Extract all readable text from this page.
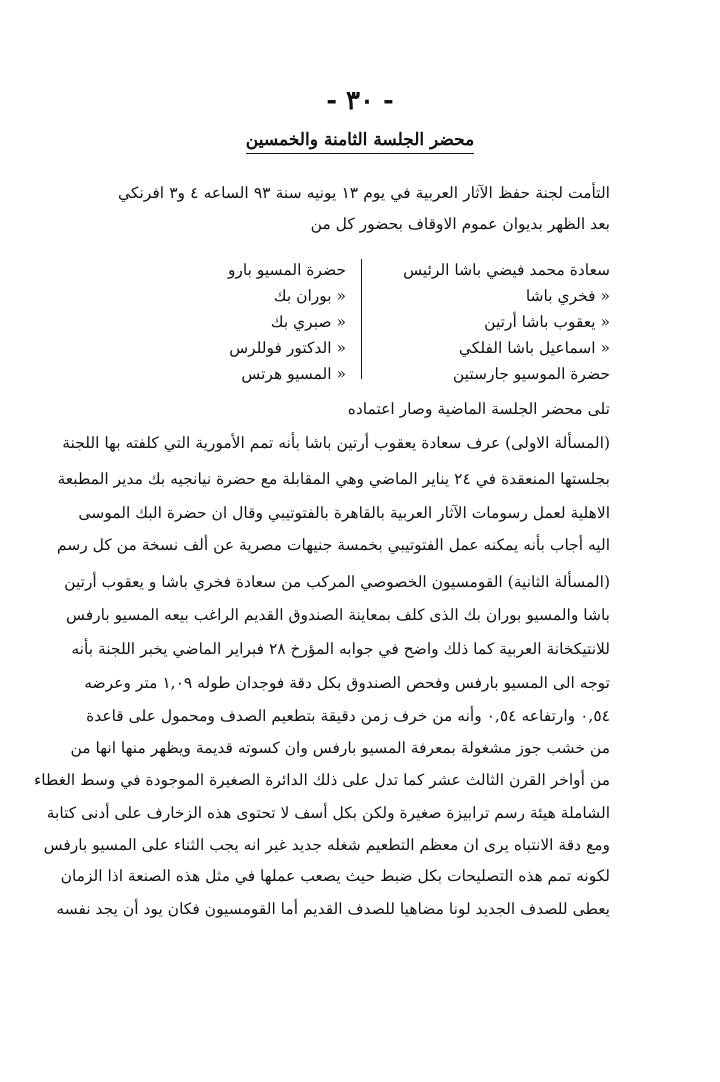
- ٣٠ -
محضر الجلسة الثامنة والخمسين
التأمت لجنة حفظ الآثار العربية في يوم ١٣ يونيه سنة ٩٣ الساعه ٤ و٣ افرنكي
بعد الظهر بديوان عموم الاوقاف بحضور كل من
سعادة محمد فيضي باشا الرئيس
« فخري باشا
« يعقوب باشا أرتين
« اسماعيل باشا الفلكي
حضرة الموسيو جارستين
حضرة المسيو بارو
« بوران بك
« صبري بك
« الدكتور فوللرس
« المسيو هرتس
تلى محضر الجلسة الماضية وصار اعتماده
(المسألة الاولى) عرف سعادة يعقوب أرتين باشا بأنه تمم الأمورية التي كلفته بها اللجنة
بجلستها المنعقدة في ٢٤ يناير الماضي وهي المقابلة مع حضرة نيانجيه بك مدير المطبعة
الاهلية لعمل رسومات الآثار العربية بالقاهرة بالفتوتيبي وقال ان حضرة البك الموسى
اليه أجاب بأنه يمكنه عمل الفتوتيبي بخمسة جنيهات مصرية عن ألف نسخة من كل رسم
(المسألة الثانية) القومسيون الخصوصي المركب من سعادة فخري باشا و يعقوب أرتين
باشا والمسيو بوران بك الذى كلف بمعاينة الصندوق القديم الراغب بيعه المسيو بارفس
للانتيكخانة العربية كما ذلك واضح في جوابه المؤرخ ٢٨ فبراير الماضي يخبر اللجنة بأنه
توجه الى المسيو بارفس وفحص الصندوق بكل دقة فوجدان طوله ١,٠٩ متر وعرضه
٠,٥٤ وارتفاعه ٠,٥٤ وأنه من خرف زمن دقيقة بتطعيم الصدف ومحمول على قاعدة
من خشب جوز مشغولة بمعرفة المسيو بارفس وان كسوته قديمة ويظهر منها انها من
من أواخر القرن الثالث عشر كما تدل على ذلك الدائرة الصغيرة الموجودة في وسط الغطاء
الشاملة هيئة رسم ترابيزة صغيرة ولكن بكل أسف لا تحتوى هذه الزخارف على أدنى كتابة
ومع دقة الانتباه يرى ان معظم التطعيم شغله جديد غير انه يجب الثناء على المسيو بارفس
لكونه تمم هذه التصليحات بكل ضبط حيث يصعب عملها في مثل هذه الصنعة اذا الزمان
يعطى للصدف الجديد لونا مضاهيا للصدف القديم أما القومسيون فكان يود أن يجد نفسه
